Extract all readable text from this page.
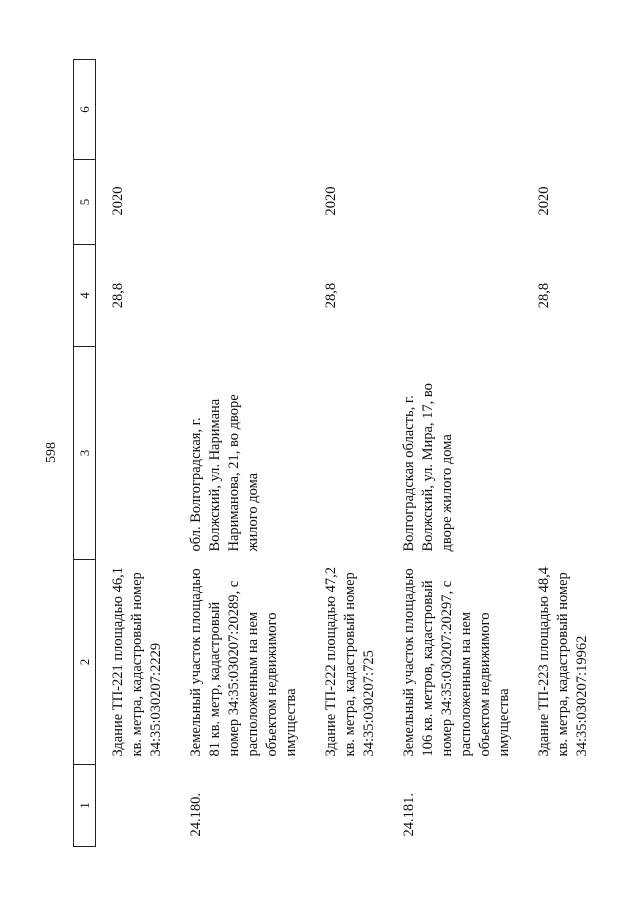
598
1	2	3	4	5	6
	Здание ТП-221 площадью 46,1 кв. метра, кадастровый номер 34:35:030207:2229		28,8	2020	
24.180.	Земельный участок площадью 81 кв. метр, кадастровый номер 34:35:030207:20289, с расположенным на нем объектом недвижимого имущества	обл. Волгоградская, г. Волжский, ул. Наримана Нариманова, 21, во дворе жилого дома			
	Здание ТП-222 площадью 47,2 кв. метра, кадастровый номер 34:35:030207:725		28,8	2020	
24.181.	Земельный участок площадью 106 кв. метров, кадастровый номер 34:35:030207:20297, с расположенным на нем объектом недвижимого имущества	Волгоградская область, г. Волжский, ул. Мира, 17, во дворе жилого дома			
	Здание ТП-223 площадью 48,4 кв. метра, кадастровый номер 34:35:030207:19962		28,8	2020	
